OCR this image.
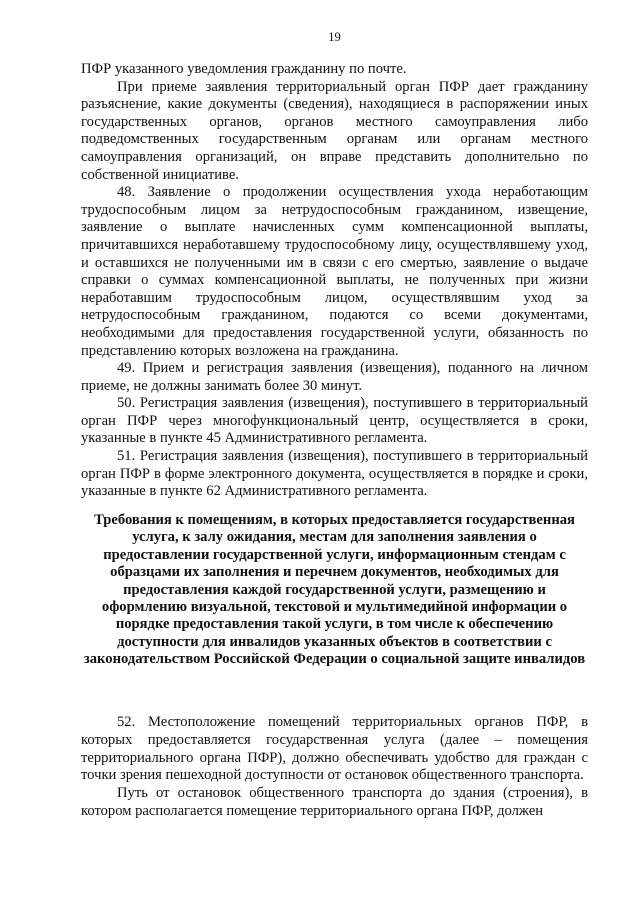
19

ПФР указанного уведомления гражданину по почте.

При приеме заявления территориальный орган ПФР дает гражданину разъяснение, какие документы (сведения), находящиеся в распоряжении иных государственных органов, органов местного самоуправления либо подведомственных государственным органам или органам местного самоуправления организаций, он вправе представить дополнительно по собственной инициативе.

48. Заявление о продолжении осуществления ухода неработающим трудоспособным лицом за нетрудоспособным гражданином, извещение, заявление о выплате начисленных сумм компенсационной выплаты, причитавшихся неработавшему трудоспособному лицу, осуществлявшему уход, и оставшихся не полученными им в связи с его смертью, заявление о выдаче справки о суммах компенсационной выплаты, не полученных при жизни неработавшим трудоспособным лицом, осуществлявшим уход за нетрудоспособным гражданином, подаются со всеми документами, необходимыми для предоставления государственной услуги, обязанность по представлению которых возложена на гражданина.

49. Прием и регистрация заявления (извещения), поданного на личном приеме, не должны занимать более 30 минут.

50. Регистрация заявления (извещения), поступившего в территориальный орган ПФР через многофункциональный центр, осуществляется в сроки, указанные в пункте 45 Административного регламента.

51. Регистрация заявления (извещения), поступившего в территориальный орган ПФР в форме электронного документа, осуществляется в порядке и сроки, указанные в пункте 62 Административного регламента.

Требования к помещениям, в которых предоставляется государственная услуга, к залу ожидания, местам для заполнения заявления о предоставлении государственной услуги, информационным стендам с образцами их заполнения и перечнем документов, необходимых для предоставления каждой государственной услуги, размещению и оформлению визуальной, текстовой и мультимедийной информации о порядке предоставления такой услуги, в том числе к обеспечению доступности для инвалидов указанных объектов в соответствии с законодательством Российской Федерации о социальной защите инвалидов

52. Местоположение помещений территориальных органов ПФР, в которых предоставляется государственная услуга (далее – помещения территориального органа ПФР), должно обеспечивать удобство для граждан с точки зрения пешеходной доступности от остановок общественного транспорта.

Путь от остановок общественного транспорта до здания (строения), в котором располагается помещение территориального органа ПФР, должен
